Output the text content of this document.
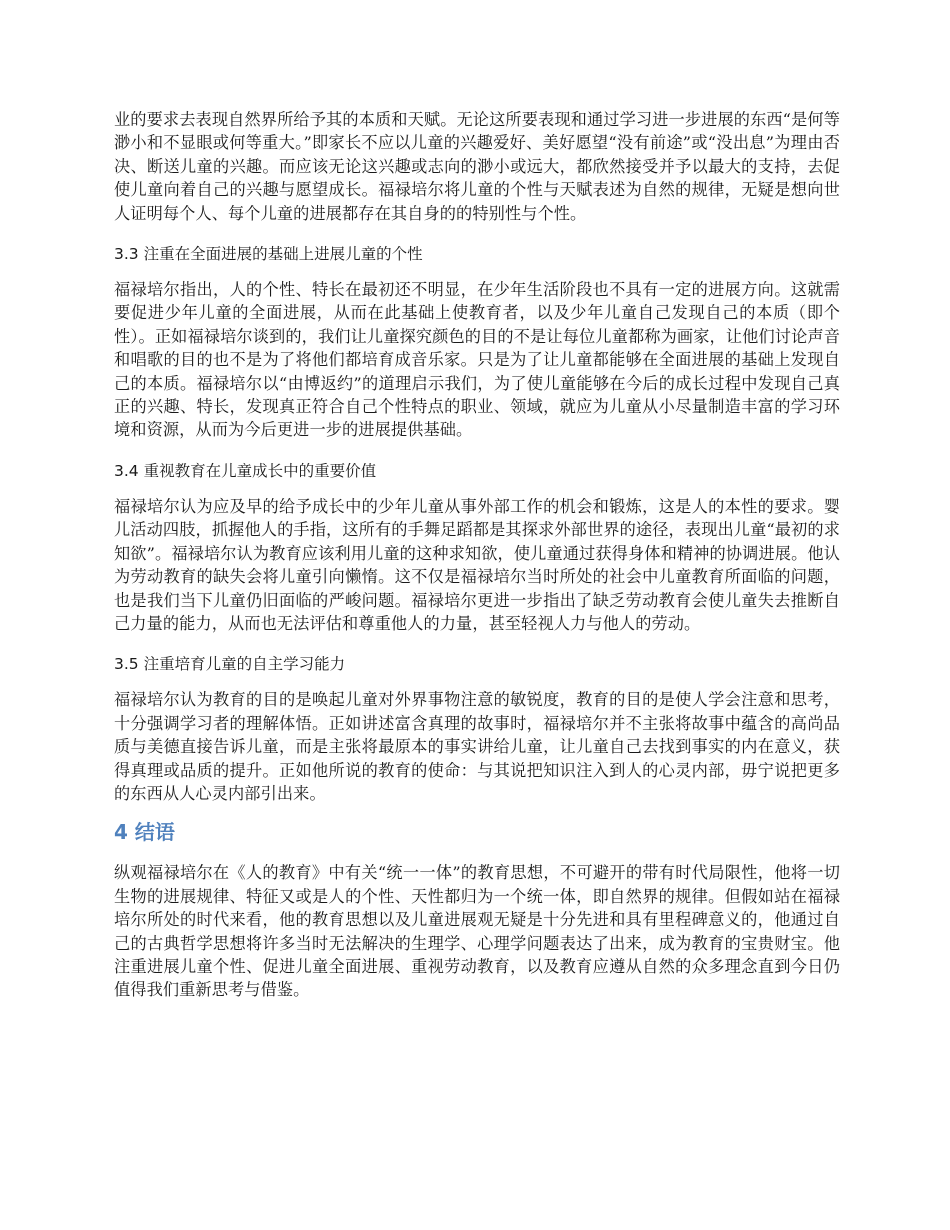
业的要求去表现自然界所给予其的本质和天赋。无论这所要表现和通过学习进一步进展的东西“是何等渺小和不显眼或何等重大。”即家长不应以儿童的兴趣爱好、美好愿望“没有前途”或“没出息”为理由否决、断送儿童的兴趣。而应该无论这兴趣或志向的渺小或远大，都欣然接受并予以最大的支持，去促使儿童向着自己的兴趣与愿望成长。福禄培尔将儿童的个性与天赋表述为自然的规律，无疑是想向世人证明每个人、每个儿童的进展都存在其自身的的特别性与个性。

3.3 注重在全面进展的基础上进展儿童的个性

福禄培尔指出，人的个性、特长在最初还不明显，在少年生活阶段也不具有一定的进展方向。这就需要促进少年儿童的全面进展，从而在此基础上使教育者，以及少年儿童自己发现自己的本质（即个性）。正如福禄培尔谈到的，我们让儿童探究颜色的目的不是让每位儿童都称为画家，让他们讨论声音和唱歌的目的也不是为了将他们都培育成音乐家。只是为了让儿童都能够在全面进展的基础上发现自己的本质。福禄培尔以“由博返约”的道理启示我们，为了使儿童能够在今后的成长过程中发现自己真正的兴趣、特长，发现真正符合自己个性特点的职业、领域，就应为儿童从小尽量制造丰富的学习环境和资源，从而为今后更进一步的进展提供基础。

3.4 重视教育在儿童成长中的重要价值

福禄培尔认为应及早的给予成长中的少年儿童从事外部工作的机会和锻炼，这是人的本性的要求。婴儿活动四肢，抓握他人的手指，这所有的手舞足蹈都是其探求外部世界的途径，表现出儿童“最初的求知欲”。福禄培尔认为教育应该利用儿童的这种求知欲，使儿童通过获得身体和精神的协调进展。他认为劳动教育的缺失会将儿童引向懒惰。这不仅是福禄培尔当时所处的社会中儿童教育所面临的问题，也是我们当下儿童仍旧面临的严峻问题。福禄培尔更进一步指出了缺乏劳动教育会使儿童失去推断自己力量的能力，从而也无法评估和尊重他人的力量，甚至轻视人力与他人的劳动。

3.5 注重培育儿童的自主学习能力

福禄培尔认为教育的目的是唤起儿童对外界事物注意的敏锐度，教育的目的是使人学会注意和思考，十分强调学习者的理解体悟。正如讲述富含真理的故事时，福禄培尔并不主张将故事中蕴含的高尚品质与美德直接告诉儿童，而是主张将最原本的事实讲给儿童，让儿童自己去找到事实的内在意义，获得真理或品质的提升。正如他所说的教育的使命：与其说把知识注入到人的心灵内部，毋宁说把更多的东西从人心灵内部引出来。

4 结语

纵观福禄培尔在《人的教育》中有关“统一一体”的教育思想，不可避开的带有时代局限性，他将一切生物的进展规律、特征又或是人的个性、天性都归为一个统一体，即自然界的规律。但假如站在福禄培尔所处的时代来看，他的教育思想以及儿童进展观无疑是十分先进和具有里程碑意义的，他通过自己的古典哲学思想将许多当时无法解决的生理学、心理学问题表达了出来，成为教育的宝贵财宝。他注重进展儿童个性、促进儿童全面进展、重视劳动教育，以及教育应遵从自然的众多理念直到今日仍值得我们重新思考与借鉴。
